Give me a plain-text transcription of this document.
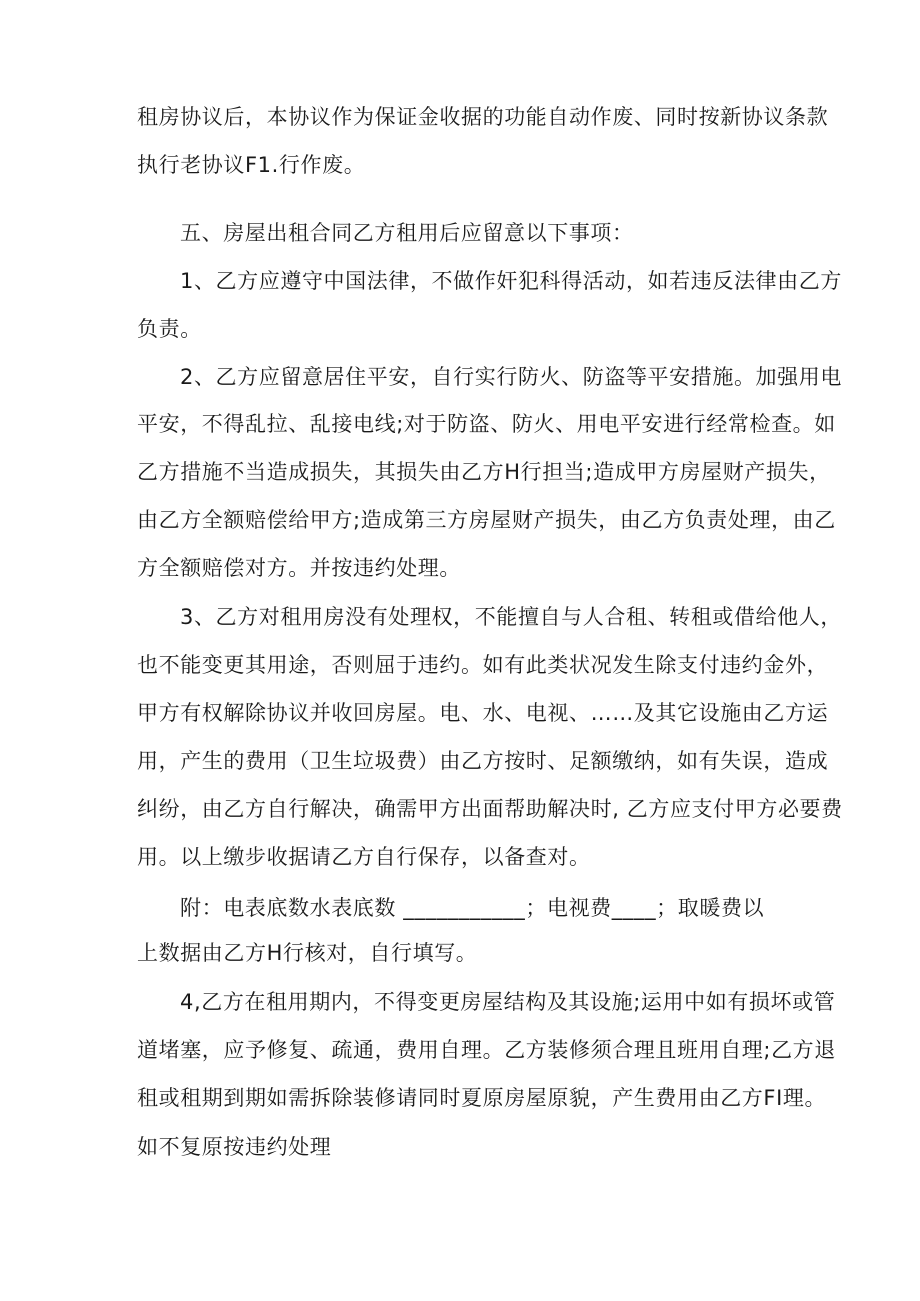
租房协议后，本协议作为保证金收据的功能自动作废、同时按新协议条款
执行老协议F1.行作废。
五、房屋出租合同乙方租用后应留意以下事项：
1、乙方应遵守中国法律，不做作奸犯科得活动，如若违反法律由乙方
负责。
2、乙方应留意居住平安，自行实行防火、防盗等平安措施。加强用电
平安，不得乱拉、乱接电线;对于防盗、防火、用电平安进行经常检查。如
乙方措施不当造成损失，其损失由乙方H行担当;造成甲方房屋财产损失，
由乙方全额赔偿给甲方;造成第三方房屋财产损失，由乙方负责处理，由乙
方全额赔偿对方。并按违约处理。
3、乙方对租用房没有处理权，不能擅自与人合租、转租或借给他人，
也不能变更其用途，否则屈于违约。如有此类状况发生除支付违约金外，
甲方有权解除协议并收回房屋。电、水、电视、……及其它设施由乙方运
用，产生的费用（卫生垃圾费）由乙方按时、足额缴纳，如有失误，造成
纠纷，由乙方自行解决，确需甲方出面帮助解决时, 乙方应支付甲方必要费
用。以上缴步收据请乙方自行保存，以备查对。
附：电表底数水表底数 ___________；电视费____；取暖费以
上数据由乙方H行核对，自行填写。
4,乙方在租用期内，不得变更房屋结构及其设施;运用中如有损坏或管
道堵塞，应予修复、疏通，费用自理。乙方装修须合理且班用自理;乙方退
租或租期到期如需拆除装修请同时夏原房屋原貌，产生费用由乙方FI理。
如不复原按违约处理
